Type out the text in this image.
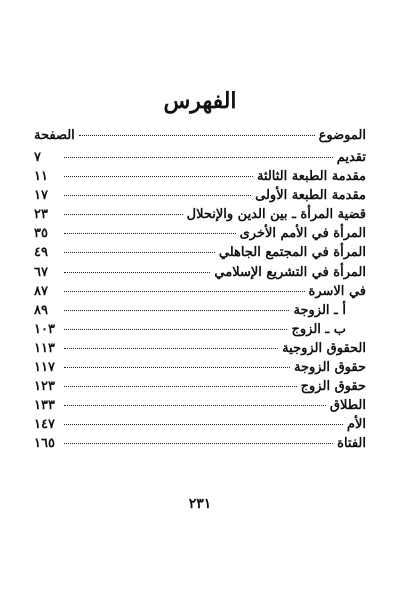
الفهرس
الموضوع
الصفحة
تقديم
٧
مقدمة الطبعة الثالثة
١١
مقدمة الطبعة الأولى
١٧
قضية المرأة ـ بين الدين والإنحلال
٢٣
المرأة في الأمم الأخرى
٣٥
المرأة في المجتمع الجاهلي
٤٩
المرأة في التشريع الإسلامي
٦٧
في الاسرة
٨٧
أ ـ الزوجة
٨٩
ب ـ الزوج
١٠٣
الحقوق الزوجية
١١٣
حقوق الزوجة
١١٧
حقوق الزوج
١٢٣
الطلاق
١٣٣
الأم
١٤٧
الفتاة
١٦٥
٢٣١
